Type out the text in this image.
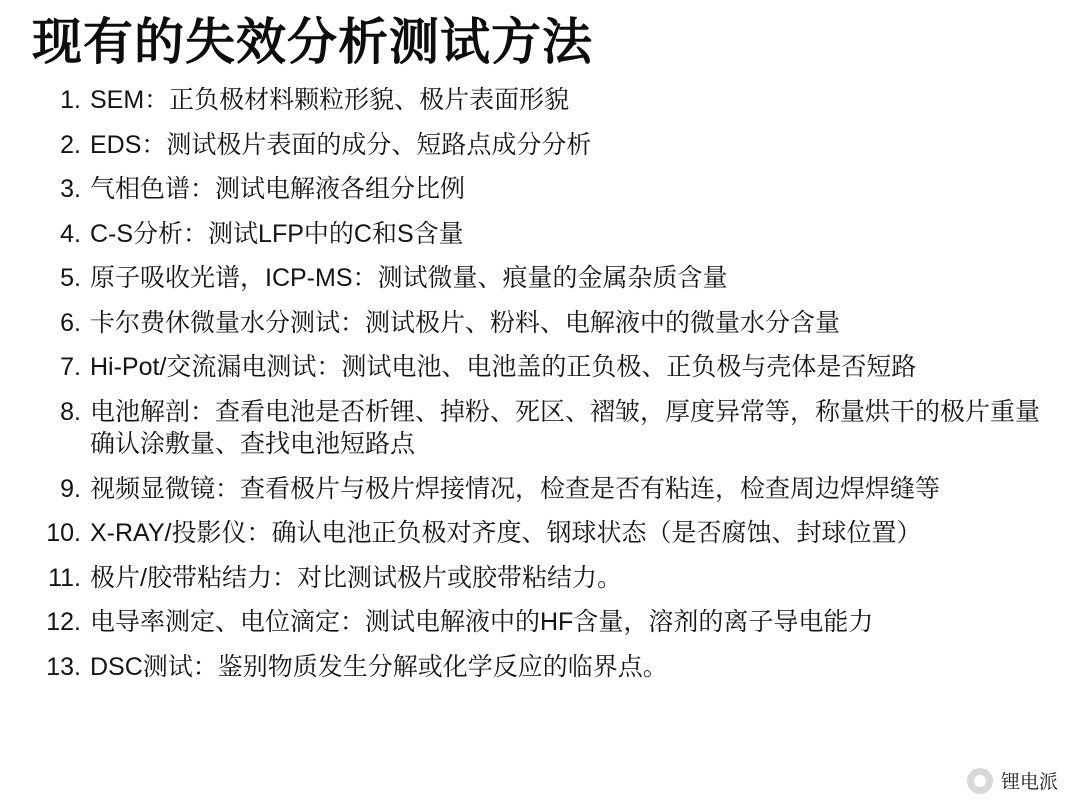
现有的失效分析测试方法
1. SEM：正负极材料颗粒形貌、极片表面形貌
2. EDS：测试极片表面的成分、短路点成分分析
3. 气相色谱：测试电解液各组分比例
4. C-S分析：测试LFP中的C和S含量
5. 原子吸收光谱，ICP-MS：测试微量、痕量的金属杂质含量
6. 卡尔费休微量水分测试：测试极片、粉料、电解液中的微量水分含量
7. Hi-Pot/交流漏电测试：测试电池、电池盖的正负极、正负极与壳体是否短路
8. 电池解剖：查看电池是否析锂、掉粉、死区、褶皱，厚度异常等，称量烘干的极片重量确认涂敷量、查找电池短路点
9. 视频显微镜：查看极片与极片焊接情况，检查是否有粘连，检查周边焊焊缝等
10. X-RAY/投影仪：确认电池正负极对齐度、钢球状态（是否腐蚀、封球位置）
11. 极片/胶带粘结力：对比测试极片或胶带粘结力。
12. 电导率测定、电位滴定：测试电解液中的HF含量，溶剂的离子导电能力
13. DSC测试：鉴别物质发生分解或化学反应的临界点。
锂电派
